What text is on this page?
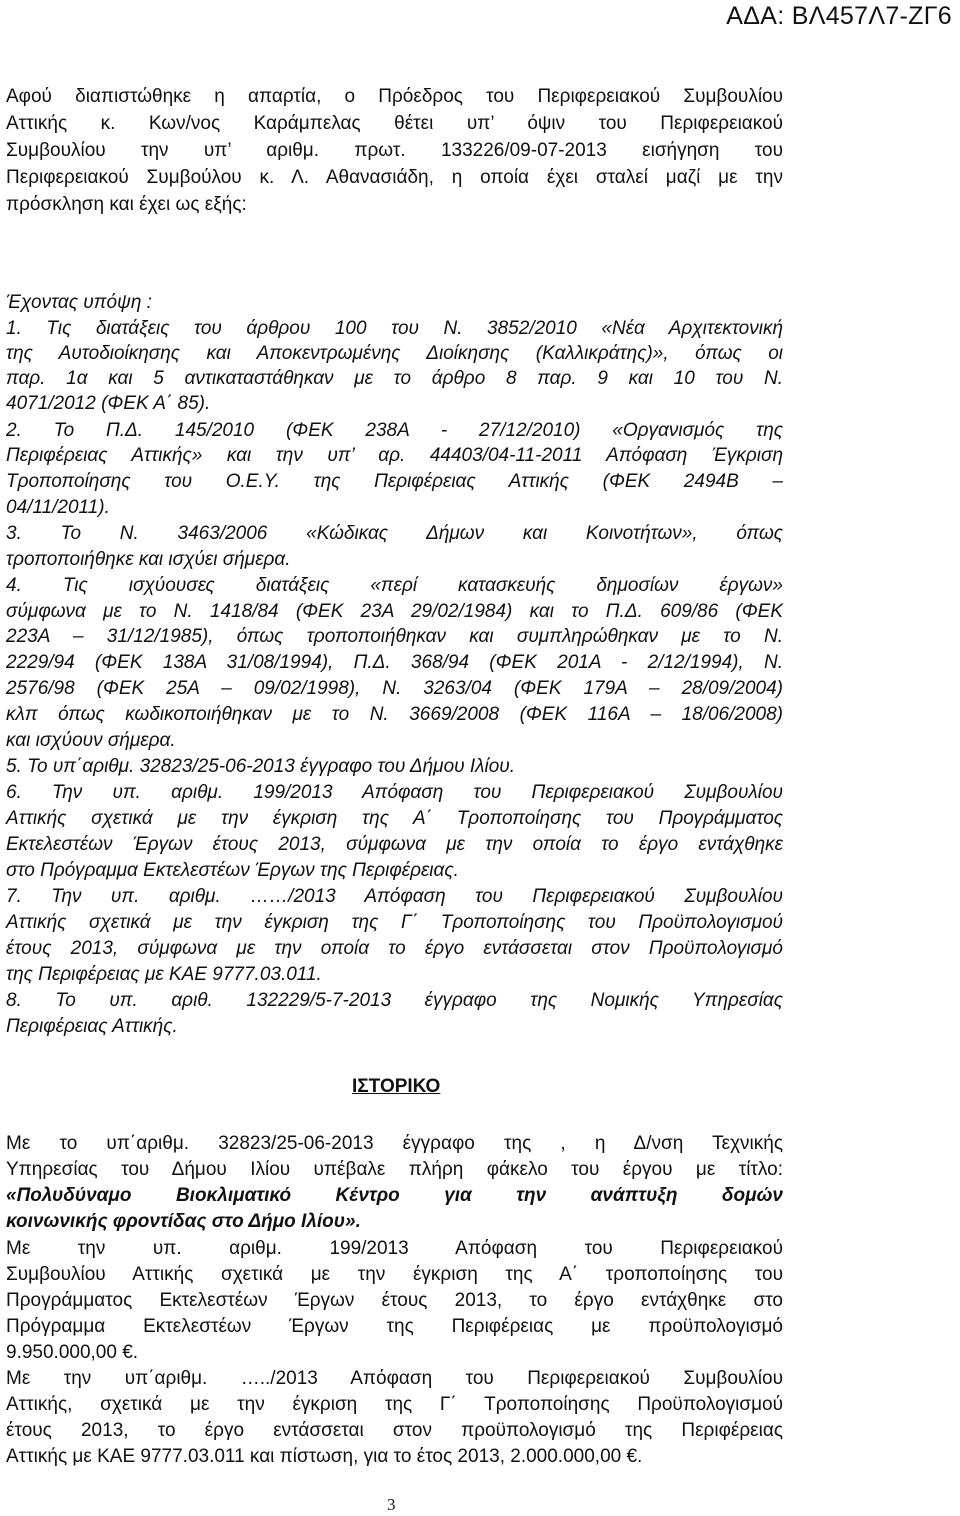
ΑΔΑ: ΒΛ457Λ7-ΖΓ6
Αφού διαπιστώθηκε η απαρτία, ο Πρόεδρος του Περιφερειακού Συμβουλίου
Αττικής κ. Κων/νος Καράμπελας θέτει υπ’ όψιν του Περιφερειακού
Συμβουλίου την υπ’ αριθμ. πρωτ. 133226/09-07-2013 εισήγηση του
Περιφερειακού Συμβούλου κ. Λ. Αθανασιάδη, η οποία έχει σταλεί μαζί με την
πρόσκληση και έχει ως εξής:
Έχοντας υπόψη :
1. Τις διατάξεις του άρθρου 100 του Ν. 3852/2010 «Νέα Αρχιτεκτονική
της Αυτοδιοίκησης και Αποκεντρωμένης Διοίκησης (Καλλικράτης)», όπως οι
παρ. 1α και 5 αντικαταστάθηκαν με το άρθρο 8 παρ. 9 και 10 του Ν.
4071/2012 (ΦΕΚ Α΄ 85).
2. Το Π.Δ. 145/2010 (ΦΕΚ 238Α - 27/12/2010) «Οργανισμός της
Περιφέρειας Αττικής» και την υπ’ αρ. 44403/04-11-2011 Απόφαση Έγκριση
Τροποποίησης του Ο.Ε.Υ. της Περιφέρειας Αττικής (ΦΕΚ 2494Β –
04/11/2011).
3. Το Ν. 3463/2006 «Κώδικας Δήμων και Κοινοτήτων», όπως
τροποποιήθηκε και ισχύει σήμερα.
4. Τις ισχύουσες διατάξεις «περί κατασκευής δημοσίων έργων»
σύμφωνα με το Ν. 1418/84 (ΦΕΚ 23Α 29/02/1984) και το Π.Δ. 609/86 (ΦΕΚ
223Α – 31/12/1985), όπως τροποποιήθηκαν και συμπληρώθηκαν με το Ν.
2229/94 (ΦΕΚ 138Α 31/08/1994), Π.Δ. 368/94 (ΦΕΚ 201Α - 2/12/1994), Ν.
2576/98 (ΦΕΚ 25Α – 09/02/1998), Ν. 3263/04 (ΦΕΚ 179Α – 28/09/2004)
κλπ όπως κωδικοποιήθηκαν με το Ν. 3669/2008 (ΦΕΚ 116Α – 18/06/2008)
και ισχύουν σήμερα.
5. Το υπ΄αριθμ. 32823/25-06-2013 έγγραφο του Δήμου Ιλίου.
6. Την υπ. αριθμ. 199/2013 Απόφαση του Περιφερειακού Συμβουλίου
Αττικής σχετικά με την έγκριση της Α΄ Τροποποίησης του Προγράμματος
Εκτελεστέων Έργων έτους 2013, σύμφωνα με την οποία το έργο εντάχθηκε
στο Πρόγραμμα Εκτελεστέων Έργων της Περιφέρειας.
7. Την υπ. αριθμ. ……/2013 Απόφαση του Περιφερειακού Συμβουλίου
Αττικής σχετικά με την έγκριση της Γ΄ Τροποποίησης του Προϋπολογισμού
έτους 2013, σύμφωνα με την οποία το έργο εντάσσεται στον Προϋπολογισμό
της Περιφέρειας με ΚΑΕ 9777.03.011.
8. Το υπ. αριθ. 132229/5-7-2013 έγγραφο της Νομικής Υπηρεσίας
Περιφέρειας Αττικής.
ΙΣΤΟΡΙΚΟ
Με το υπ΄αριθμ. 32823/25-06-2013 έγγραφο της , η Δ/νση Τεχνικής
Υπηρεσίας του Δήμου Ιλίου υπέβαλε πλήρη φάκελο του έργου με τίτλο:
«Πολυδύναμο Βιοκλιματικό Κέντρο για την ανάπτυξη δομών
κοινωνικής φροντίδας στο Δήμο Ιλίου».
Με την υπ. αριθμ. 199/2013 Απόφαση του Περιφερειακού
Συμβουλίου Αττικής σχετικά με την έγκριση της Α΄ τροποποίησης του
Προγράμματος Εκτελεστέων Έργων έτους 2013, το έργο εντάχθηκε στο
Πρόγραμμα Εκτελεστέων Έργων της Περιφέρειας με προϋπολογισμό
9.950.000,00 €.
Με την υπ΄αριθμ. …../2013 Απόφαση του Περιφερειακού Συμβουλίου
Αττικής, σχετικά με την έγκριση της Γ΄ Τροποποίησης Προϋπολογισμού
έτους 2013, το έργο εντάσσεται στον προϋπολογισμό της Περιφέρειας
Αττικής με ΚΑΕ 9777.03.011 και πίστωση, για το έτος 2013, 2.000.000,00 €.
3
